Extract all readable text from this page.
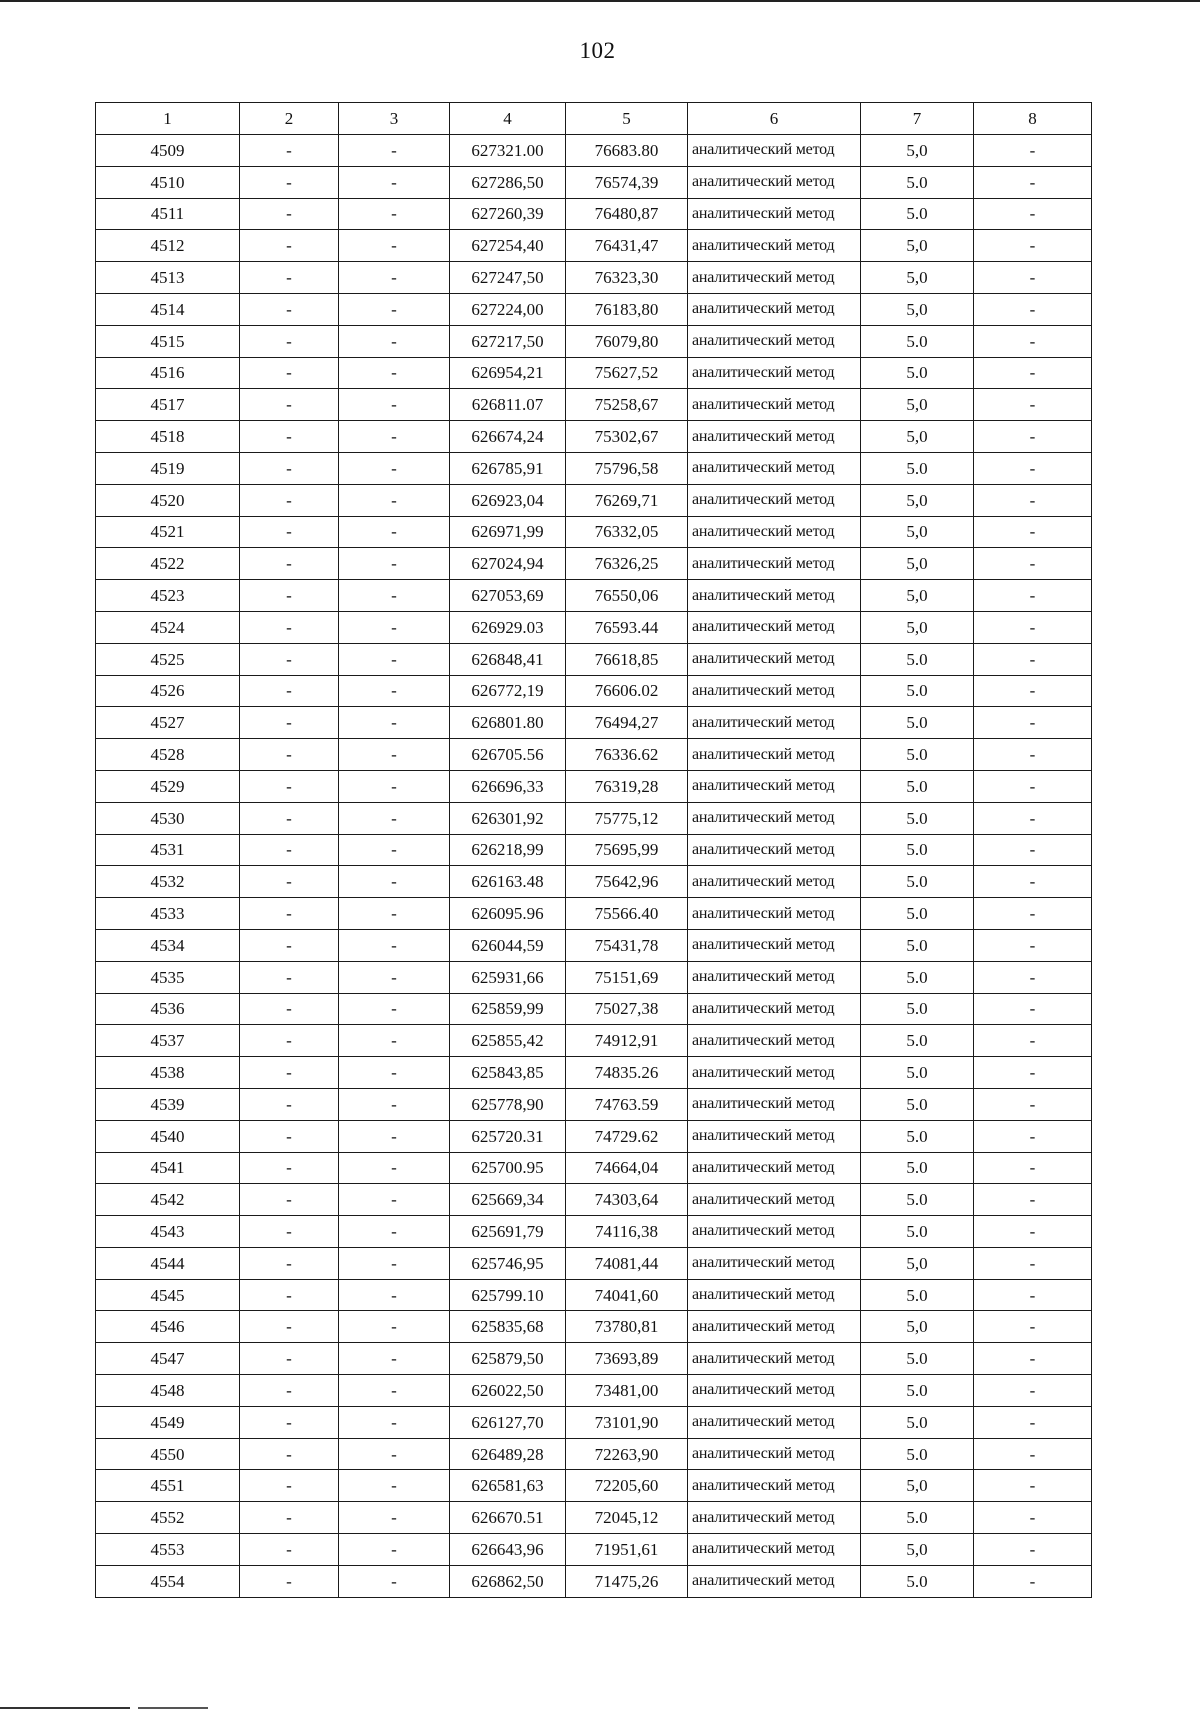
102
1	2	3	4	5	6	7	8
4509	-	-	627321.00	76683.80	аналитический метод	5,0	-
4510	-	-	627286,50	76574,39	аналитический метод	5.0	-
4511	-	-	627260,39	76480,87	аналитический метод	5.0	-
4512	-	-	627254,40	76431,47	аналитический метод	5,0	-
4513	-	-	627247,50	76323,30	аналитический метод	5,0	-
4514	-	-	627224,00	76183,80	аналитический метод	5,0	-
4515	-	-	627217,50	76079,80	аналитический метод	5.0	-
4516	-	-	626954,21	75627,52	аналитический метод	5.0	-
4517	-	-	626811.07	75258,67	аналитический метод	5,0	-
4518	-	-	626674,24	75302,67	аналитический метод	5,0	-
4519	-	-	626785,91	75796,58	аналитический метод	5.0	-
4520	-	-	626923,04	76269,71	аналитический метод	5,0	-
4521	-	-	626971,99	76332,05	аналитический метод	5,0	-
4522	-	-	627024,94	76326,25	аналитический метод	5,0	-
4523	-	-	627053,69	76550,06	аналитический метод	5,0	-
4524	-	-	626929.03	76593.44	аналитический метод	5,0	-
4525	-	-	626848,41	76618,85	аналитический метод	5.0	-
4526	-	-	626772,19	76606.02	аналитический метод	5.0	-
4527	-	-	626801.80	76494,27	аналитический метод	5.0	-
4528	-	-	626705.56	76336.62	аналитический метод	5.0	-
4529	-	-	626696,33	76319,28	аналитический метод	5.0	-
4530	-	-	626301,92	75775,12	аналитический метод	5.0	-
4531	-	-	626218,99	75695,99	аналитический метод	5.0	-
4532	-	-	626163.48	75642,96	аналитический метод	5.0	-
4533	-	-	626095.96	75566.40	аналитический метод	5.0	-
4534	-	-	626044,59	75431,78	аналитический метод	5.0	-
4535	-	-	625931,66	75151,69	аналитический метод	5.0	-
4536	-	-	625859,99	75027,38	аналитический метод	5.0	-
4537	-	-	625855,42	74912,91	аналитический метод	5.0	-
4538	-	-	625843,85	74835.26	аналитический метод	5.0	-
4539	-	-	625778,90	74763.59	аналитический метод	5.0	-
4540	-	-	625720.31	74729.62	аналитический метод	5.0	-
4541	-	-	625700.95	74664,04	аналитический метод	5.0	-
4542	-	-	625669,34	74303,64	аналитический метод	5.0	-
4543	-	-	625691,79	74116,38	аналитический метод	5.0	-
4544	-	-	625746,95	74081,44	аналитический метод	5,0	-
4545	-	-	625799.10	74041,60	аналитический метод	5.0	-
4546	-	-	625835,68	73780,81	аналитический метод	5,0	-
4547	-	-	625879,50	73693,89	аналитический метод	5.0	-
4548	-	-	626022,50	73481,00	аналитический метод	5.0	-
4549	-	-	626127,70	73101,90	аналитический метод	5.0	-
4550	-	-	626489,28	72263,90	аналитический метод	5.0	-
4551	-	-	626581,63	72205,60	аналитический метод	5,0	-
4552	-	-	626670.51	72045,12	аналитический метод	5.0	-
4553	-	-	626643,96	71951,61	аналитический метод	5,0	-
4554	-	-	626862,50	71475,26	аналитический метод	5.0	-
